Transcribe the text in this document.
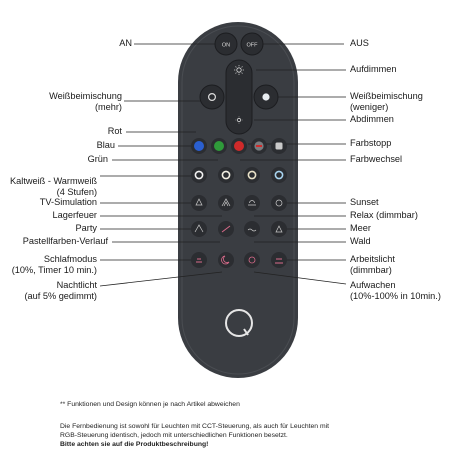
ON	OFF
AN
Weißbeimischung
(mehr)
Rot
Blau
Grün
Kaltweiß - Warmweiß
(4 Stufen)
TV-Simulation
Lagerfeuer
Party
Pastellfarben-Verlauf
Schlafmodus
(10%, Timer 10 min.)
Nachtlicht
(auf 5% gedimmt)
AUS
Aufdimmen
Weißbeimischung
(weniger)
Abdimmen
Farbstopp
Farbwechsel
Sunset
Relax (dimmbar)
Meer
Wald
Arbeitslicht
(dimmbar)
Aufwachen
(10%-100% in 10min.)
** Funktionen und Design können je nach Artikel abweichen
Die Fernbedienung ist sowohl für Leuchten mit CCT-Steuerung, als auch für Leuchten mit
RGB-Steuerung identisch, jedoch mit unterschiedlichen Funktionen besetzt.
Bitte achten sie auf die Produktbeschreibung!
